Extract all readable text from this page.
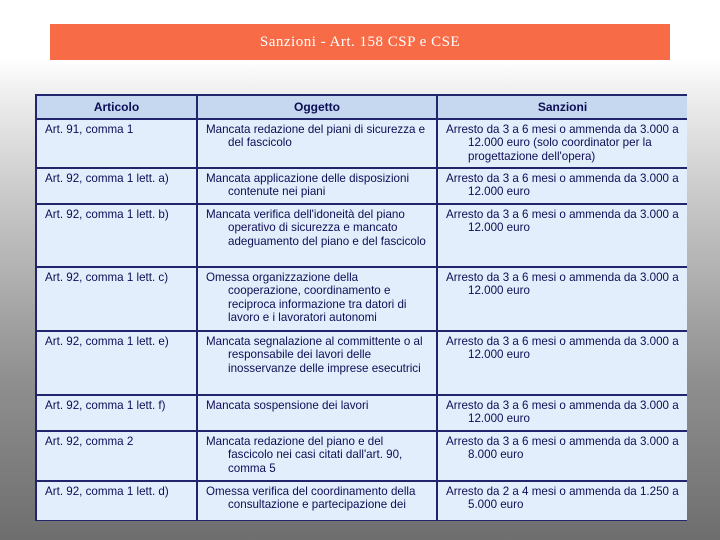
Sanzioni - Art. 158 CSP e CSE
Articolo	Oggetto	Sanzioni
Art. 91, comma 1	Mancata redazione del piani di sicurezza e del fascicolo	Arresto da 3 a 6 mesi o ammenda da 3.000 a 12.000 euro (solo coordinator per la progettazione dell'opera)

Art. 92, comma 1 lett. a)	Mancata applicazione delle disposizioni contenute nei piani	Arresto da 3 a 6 mesi o ammenda da 3.000 a 12.000 euro

Art. 92, comma 1 lett. b)	Mancata verifica dell'idoneità del piano operativo di sicurezza e mancato adeguamento del piano e del fascicolo	Arresto da 3 a 6 mesi o ammenda da 3.000 a 12.000 euro

Art. 92, comma 1 lett. c)	Omessa organizzazione della cooperazione, coordinamento e reciproca informazione tra datori di lavoro e i lavoratori autonomi	Arresto da 3 a 6 mesi o ammenda da 3.000 a 12.000 euro

Art. 92, comma 1 lett. e)	Mancata segnalazione al committente o al responsabile dei lavori delle inosservanze delle imprese esecutrici	Arresto da 3 a 6 mesi o ammenda da 3.000 a 12.000 euro

Art. 92, comma 1 lett. f)	Mancata sospensione dei lavori	Arresto da 3 a 6 mesi o ammenda da 3.000 a 12.000 euro

Art. 92, comma 2	Mancata redazione del piano e del fascicolo nei casi citati dall'art. 90, comma 5	Arresto da 3 a 6 mesi o ammenda da 3.000 a 8.000 euro

Art. 92, comma 1 lett. d)	Omessa verifica del coordinamento della consultazione e partecipazione dei	Arresto da 2 a 4 mesi o ammenda da 1.250 a 5.000 euro
